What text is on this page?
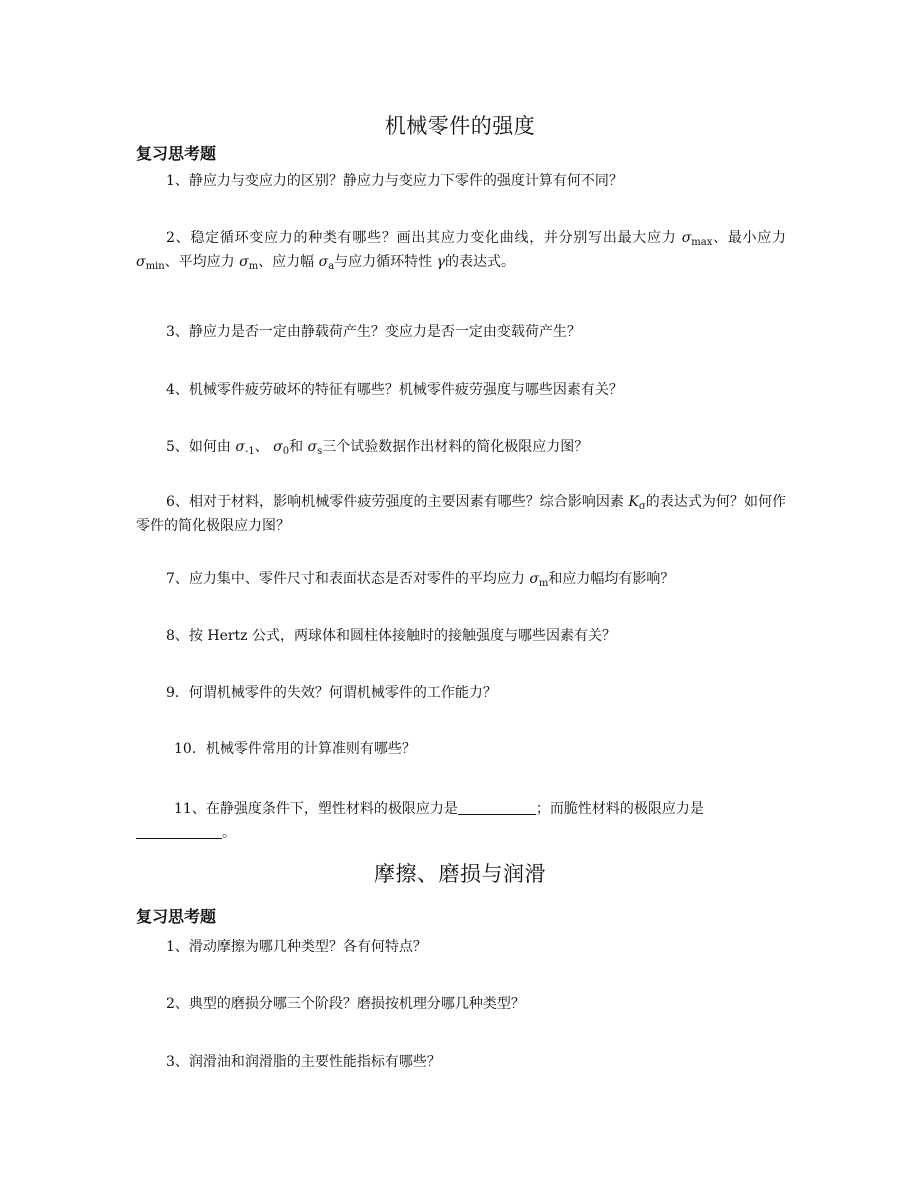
机械零件的强度
复习思考题
1、静应力与变应力的区别？静应力与变应力下零件的强度计算有何不同？
2、稳定循环变应力的种类有哪些？画出其应力变化曲线，并分别写出最大应力 $\sigma_{max}$、最小应力 $\sigma_{min}$、平均应力 $\sigma_m$、应力幅 $\sigma_a$与应力循环特性 γ的表达式。
3、静应力是否一定由静载荷产生？变应力是否一定由变载荷产生？
4、机械零件疲劳破坏的特征有哪些？机械零件疲劳强度与哪些因素有关？
5、如何由 $\sigma_{-1}$、 $\sigma_0$和 $\sigma_s$三个试验数据作出材料的简化极限应力图？
6、相对于材料，影响机械零件疲劳强度的主要因素有哪些？综合影响因素 $K_\sigma$的表达式为何？如何作零件的简化极限应力图？
7、应力集中、零件尺寸和表面状态是否对零件的平均应力 $\sigma_m$和应力幅均有影响？
8、按 Hertz 公式，两球体和圆柱体接触时的接触强度与哪些因素有关？
9．何谓机械零件的失效？何谓机械零件的工作能力？
10．机械零件常用的计算准则有哪些？
11、在静强度条件下，塑性材料的极限应力是	；而脆性材料的极限应力是
。
摩擦、磨损与润滑
复习思考题
1、滑动摩擦为哪几种类型？各有何特点？
2、典型的磨损分哪三个阶段？磨损按机理分哪几种类型？
3、润滑油和润滑脂的主要性能指标有哪些？
